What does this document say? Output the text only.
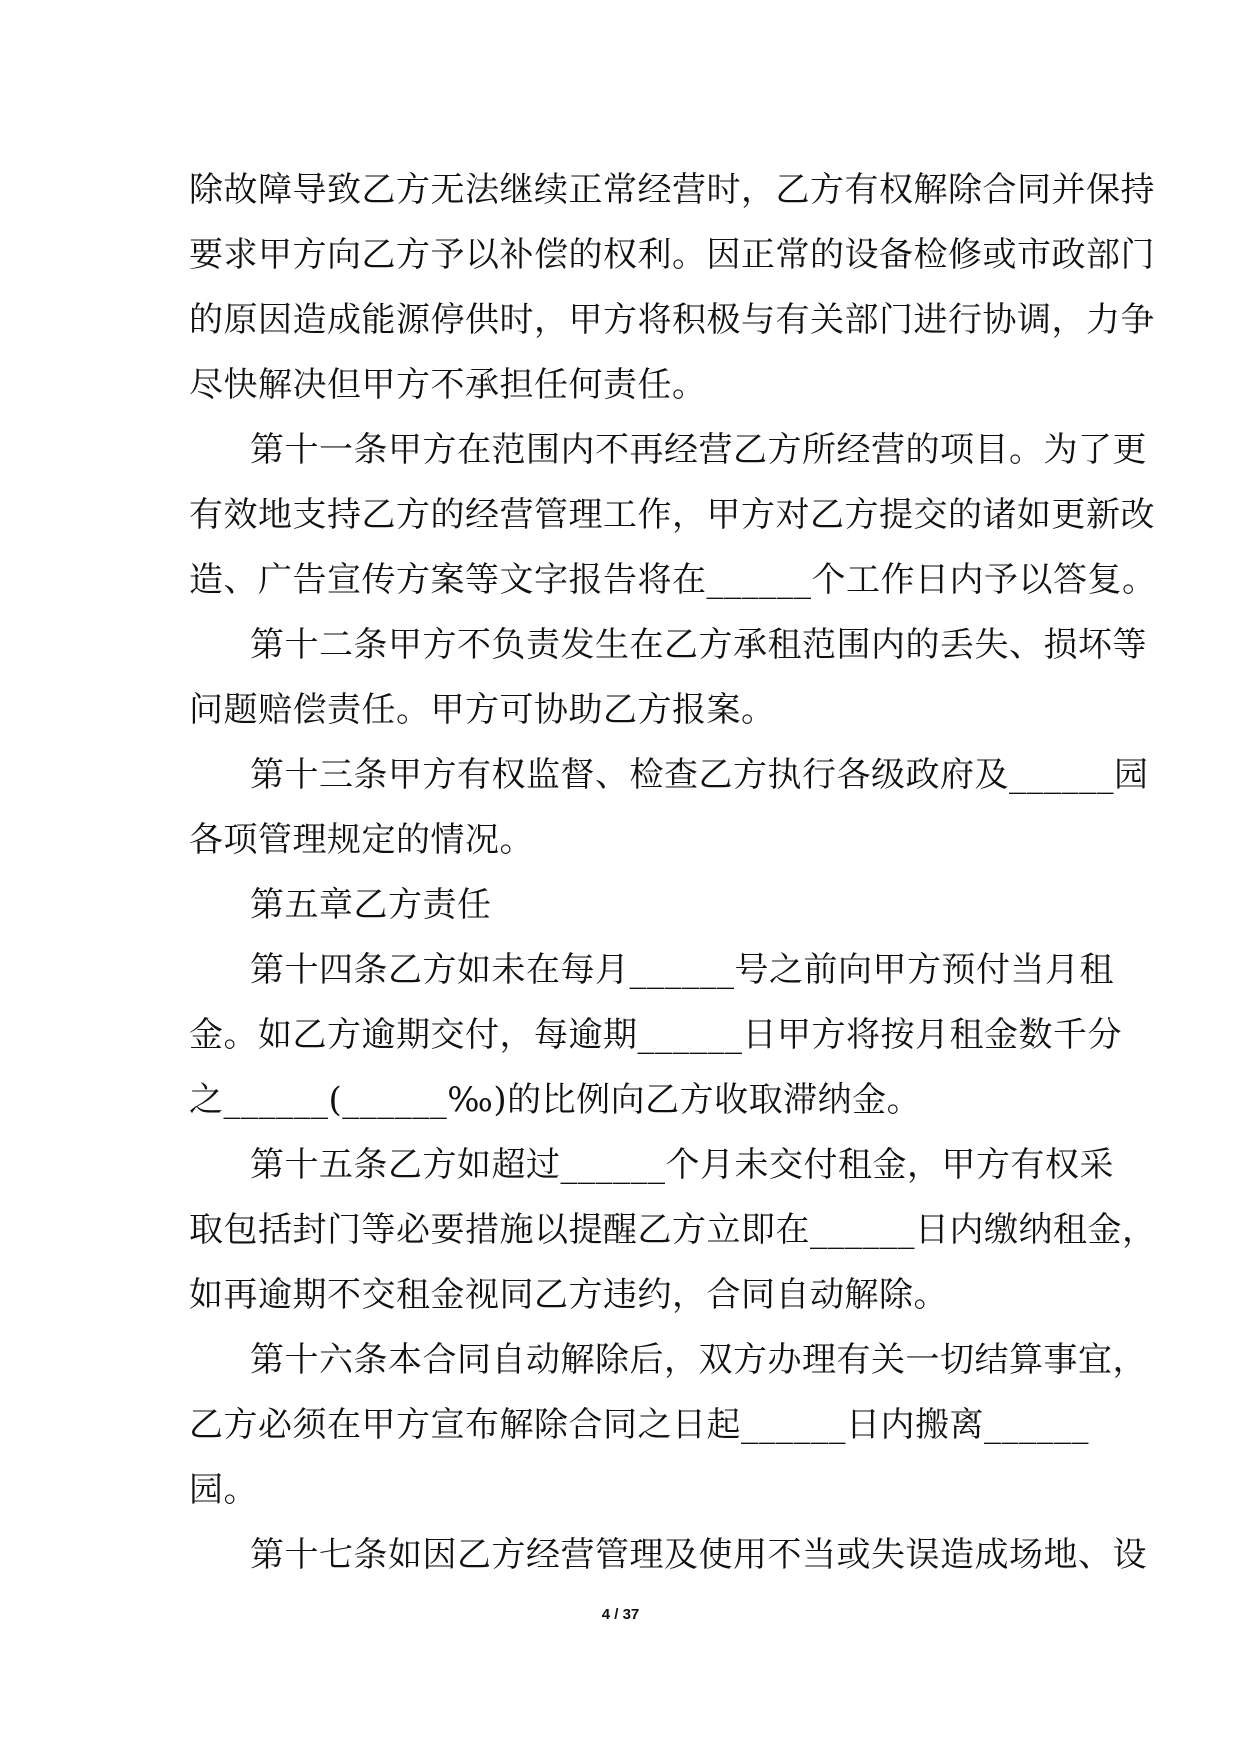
除故障导致乙方无法继续正常经营时，乙方有权解除合同并保持
要求甲方向乙方予以补偿的权利。因正常的设备检修或市政部门
的原因造成能源停供时，甲方将积极与有关部门进行协调，力争
尽快解决但甲方不承担任何责任。
第十一条甲方在范围内不再经营乙方所经营的项目。为了更
有效地支持乙方的经营管理工作，甲方对乙方提交的诸如更新改
造、广告宣传方案等文字报告将在______个工作日内予以答复。
第十二条甲方不负责发生在乙方承租范围内的丢失、损坏等
问题赔偿责任。甲方可协助乙方报案。
第十三条甲方有权监督、检查乙方执行各级政府及______园
各项管理规定的情况。
第五章乙方责任
第十四条乙方如未在每月______号之前向甲方预付当月租
金。如乙方逾期交付，每逾期______日甲方将按月租金数千分
之______(______‰)的比例向乙方收取滞纳金。
第十五条乙方如超过______个月未交付租金，甲方有权采
取包括封门等必要措施以提醒乙方立即在______日内缴纳租金，
如再逾期不交租金视同乙方违约，合同自动解除。
第十六条本合同自动解除后，双方办理有关一切结算事宜，
乙方必须在甲方宣布解除合同之日起______日内搬离______
园。
第十七条如因乙方经营管理及使用不当或失误造成场地、设
4 / 37
